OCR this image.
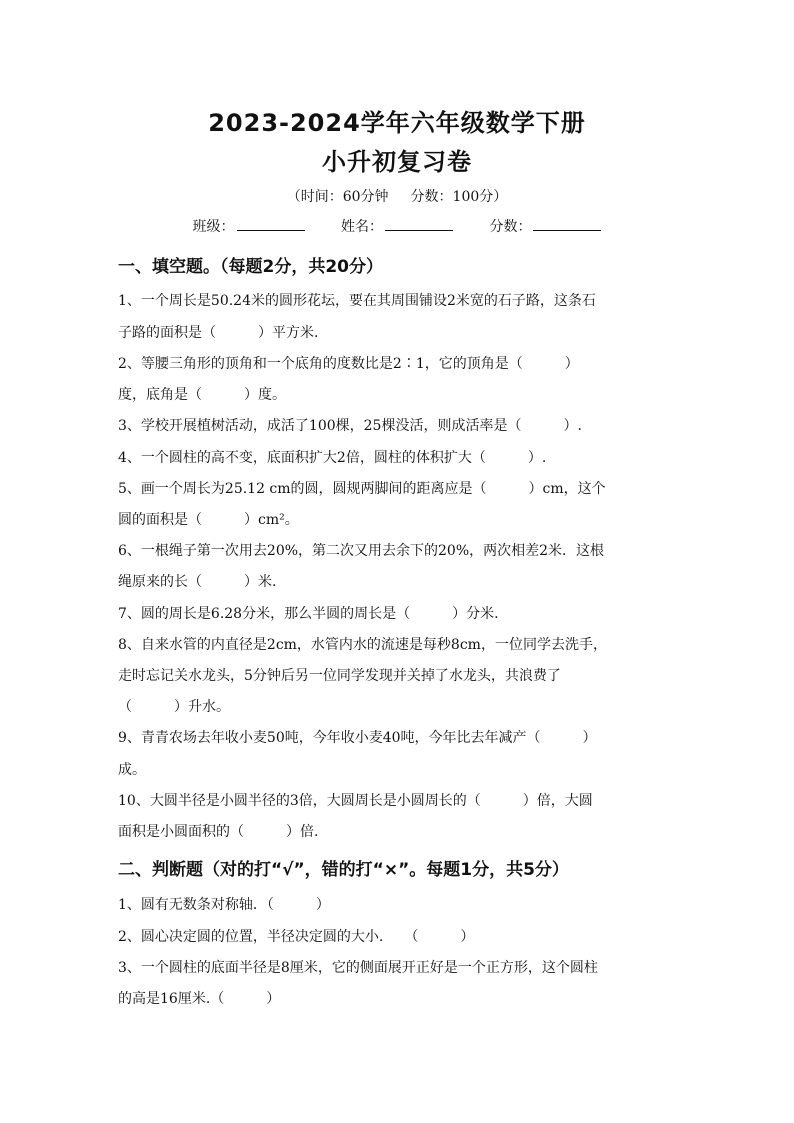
2023-2024学年六年级数学下册
小升初复习卷
（时间：60分钟 分数：100分）
班级：	姓名：	分数：
一、填空题。（每题2分，共20分）
1、一个周长是50.24米的圆形花坛，要在其周围铺设2米宽的石子路，这条石
子路的面积是（　　　）平方米.
2、等腰三角形的顶角和一个底角的度数比是2∶1，它的顶角是（　　　）
度，底角是（　　　）度。
3、学校开展植树活动，成活了100棵，25棵没活，则成活率是（　　　）.
4、一个圆柱的高不变，底面积扩大2倍，圆柱的体积扩大（　　　）.
5、画一个周长为25.12 cm的圆，圆规两脚间的距离应是（　　　）cm，这个
圆的面积是（　　　）cm²。
6、一根绳子第一次用去20%，第二次又用去余下的20%，两次相差2米．这根
绳原来的长（　　　）米.
7、圆的周长是6.28分米，那么半圆的周长是（　　　）分米.
8、自来水管的内直径是2cm，水管内水的流速是每秒8cm，一位同学去洗手，
走时忘记关水龙头，5分钟后另一位同学发现并关掉了水龙头，共浪费了
（　　　）升水。
9、青青农场去年收小麦50吨，今年收小麦40吨，今年比去年减产（　　　）
成。
10、大圆半径是小圆半径的3倍，大圆周长是小圆周长的（　　　）倍，大圆
面积是小圆面积的（　　　）倍.
二、判断题（对的打“√”，错的打“×”。每题1分，共5分）
1、圆有无数条对称轴．（　　　）
2、圆心决定圆的位置，半径决定圆的大小.　　（　　　）
3、一个圆柱的底面半径是8厘米，它的侧面展开正好是一个正方形，这个圆柱
的高是16厘米.（　　　）
